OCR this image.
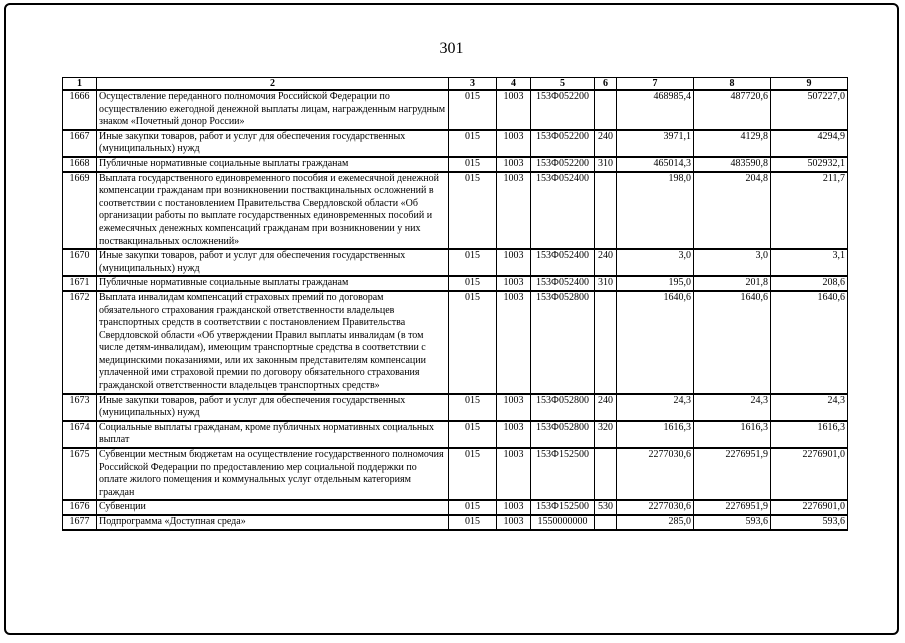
301
1	2	3	4	5	6	7	8	9
1666	Осуществление переданного полномочия Российской Федерации по осуществлению ежегодной денежной выплаты лицам, награжденным нагрудным знаком «Почетный донор России»	015	1003	153Ф052200		468985,4	487720,6	507227,0
1667	Иные закупки товаров, работ и услуг для обеспечения государственных (муниципальных) нужд	015	1003	153Ф052200	240	3971,1	4129,8	4294,9
1668	Публичные нормативные социальные выплаты гражданам	015	1003	153Ф052200	310	465014,3	483590,8	502932,1
1669	Выплата государственного единовременного пособия и ежемесячной денежной компенсации гражданам при возникновении поствакцинальных осложнений в соответствии с постановлением Правительства Свердловской области «Об организации работы по выплате государственных единовременных пособий и ежемесячных денежных компенсаций гражданам при возникновении у них поствакцинальных осложнений»	015	1003	153Ф052400		198,0	204,8	211,7
1670	Иные закупки товаров, работ и услуг для обеспечения государственных (муниципальных) нужд	015	1003	153Ф052400	240	3,0	3,0	3,1
1671	Публичные нормативные социальные выплаты гражданам	015	1003	153Ф052400	310	195,0	201,8	208,6
1672	Выплата инвалидам компенсаций страховых премий по договорам обязательного страхования гражданской ответственности владельцев транспортных средств в соответствии с постановлением Правительства Свердловской области «Об утверждении Правил выплаты инвалидам (в том числе детям-инвалидам), имеющим транспортные средства в соответствии с медицинскими показаниями, или их законным представителям компенсации уплаченной ими страховой премии по договору обязательного страхования гражданской ответственности владельцев транспортных средств»	015	1003	153Ф052800		1640,6	1640,6	1640,6
1673	Иные закупки товаров, работ и услуг для обеспечения государственных (муниципальных) нужд	015	1003	153Ф052800	240	24,3	24,3	24,3
1674	Социальные выплаты гражданам, кроме публичных нормативных социальных выплат	015	1003	153Ф052800	320	1616,3	1616,3	1616,3
1675	Субвенции местным бюджетам на осуществление государственного полномочия Российской Федерации по предоставлению мер социальной поддержки по оплате жилого помещения и коммунальных услуг отдельным категориям граждан	015	1003	153Ф152500		2277030,6	2276951,9	2276901,0
1676	Субвенции	015	1003	153Ф152500	530	2277030,6	2276951,9	2276901,0
1677	Подпрограмма «Доступная среда»	015	1003	1550000000		285,0	593,6	593,6
